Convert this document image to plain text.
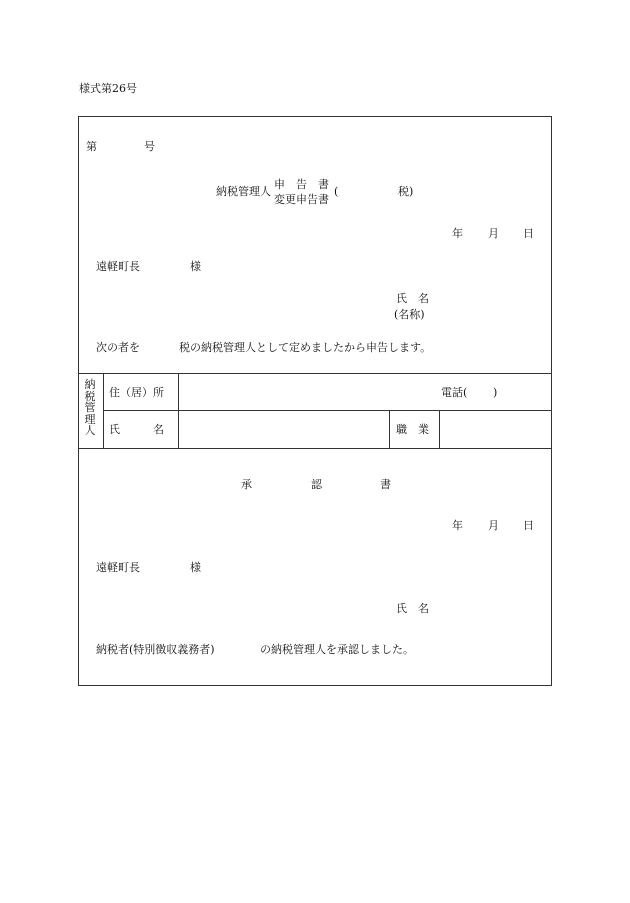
様式第26号
第	号
納税管理人
申　告　書
変更申告書
(	税)
年 月 日
遠軽町長	様
氏　名
(名称)
次の者を	税の納税管理人として定めましたから申告します。
納
税
管
理
人
住（居）所	電話( )
氏　　　名	職　業
承	認	書
年 月 日
遠軽町長	様
氏　名
納税者(特別徴収義務者)	の納税管理人を承認しました。
